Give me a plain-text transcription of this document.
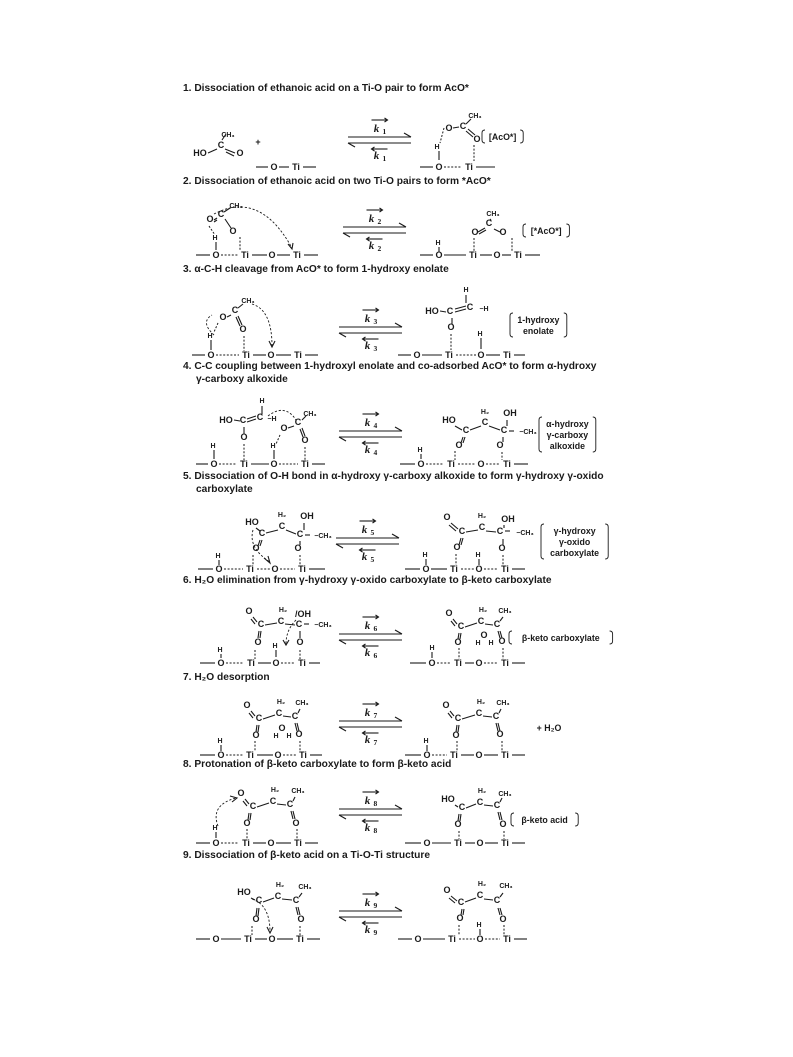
k 1
k 1
k 2
k 2
k 3
k 3
k 4
k 4
k 5
k 5
k 6
k 6
k 7
k 7
k 8
k 8
k 9
k 9
CH₃
C
HO	O
+
O Ti
CH₃
C
O
O
H
O	Ti
[AcO*]
CH₃
C
O
O
H
O Ti O Ti
CH₃
C
O O
H
O	Ti O Ti
[*AcO*]
CH₃
C
O
O
H
O	Ti O Ti
H
HO C C −H
O
H
O	Ti	O Ti
1-hydroxy
enolate
H
HO C C −H
O
CH₃
C
O
O
H	H
O	Ti	O	Ti
HO
C
H₂
C
OH
C −CH₃
O	O
H
O	Ti	O Ti
α-hydroxy
γ-carboxy
alkoxide
HO
C
H₂
C
OH
C −CH₃
O	O
H
O	Ti O Ti
O
C
H₂
C
OH
C −CH₃
O	O
H	H
O Ti O Ti
γ-hydroxy
γ-oxido
carboxylate
O
C
H₂
C
/OH
C −CH₃
O	O
H
H
O	Ti O Ti
O
C
H₂
C
CH₃
C
O	O
H
O
H
H
O Ti O Ti
β-keto carboxylate
O
C
H₂
C
CH₃
C
O	O
H
O
H
H
O Ti O Ti
O
C
H₂
C
CH₃
C
O	O
H
O Ti O Ti
+ H₂O
O
C
H₂
C
CH₃
C
O	O
H
O	Ti O Ti
HO
C
H₂
C
CH₃
C
O	O
O	Ti O Ti
β-keto acid
HO
C
H₂
C
CH₃
C
O	O
O	Ti O Ti
O
C
H₂
C
CH₃
C
O	O
H
O	Ti O Ti
1. Dissociation of ethanoic acid on a Ti-O pair to form AcO*
2. Dissociation of ethanoic acid on two Ti-O pairs to form *AcO*
3. α-C-H cleavage from AcO* to form 1-hydroxy enolate
4. C-C coupling between 1-hydroxyl enolate and co-adsorbed AcO* to form α-hydroxy
γ-carboxy alkoxide
5. Dissociation of O-H bond in α-hydroxy γ-carboxy alkoxide to form γ-hydroxy γ-oxido
carboxylate
6. H₂O elimination from γ-hydroxy γ-oxido carboxylate to β-keto carboxylate
7. H₂O desorption
8. Protonation of β-keto carboxylate to form β-keto acid
9. Dissociation of β-keto acid on a Ti-O-Ti structure
